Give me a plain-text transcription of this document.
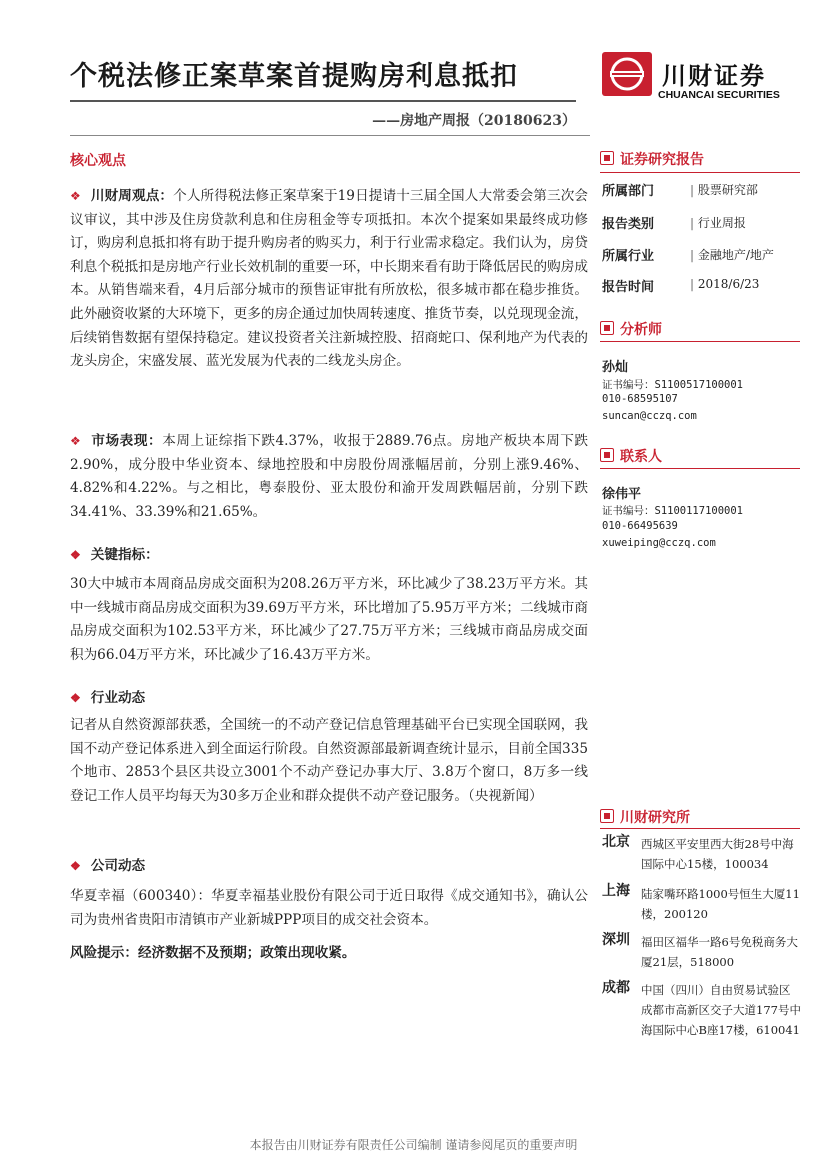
个税法修正案草案首提购房利息抵扣
——房地产周报（20180623）
川财证券
CHUANCAI SECURITIES
核心观点
❖ 川财周观点：个人所得税法修正案草案于19日提请十三届全国人大常委会第三次会议审议，其中涉及住房贷款利息和住房租金等专项抵扣。本次个提案如果最终成功修订，购房利息抵扣将有助于提升购房者的购买力，利于行业需求稳定。我们认为，房贷利息个税抵扣是房地产行业长效机制的重要一环，中长期来看有助于降低居民的购房成本。从销售端来看，4月后部分城市的预售证审批有所放松，很多城市都在稳步推货。此外融资收紧的大环境下，更多的房企通过加快周转速度、推货节奏，以兑现现金流，后续销售数据有望保持稳定。建议投资者关注新城控股、招商蛇口、保利地产为代表的龙头房企，宋盛发展、蓝光发展为代表的二线龙头房企。
❖ 市场表现：本周上证综指下跌4.37%，收报于2889.76点。房地产板块本周下跌2.90%，成分股中华业资本、绿地控股和中房股份周涨幅居前，分别上涨9.46%、4.82%和4.22%。与之相比，粤泰股份、亚太股份和渝开发周跌幅居前，分别下跌34.41%、33.39%和21.65%。
❖ 关键指标：
30大中城市本周商品房成交面积为208.26万平方米，环比减少了38.23万平方米。其中一线城市商品房成交面积为39.69万平方米，环比增加了5.95万平方米；二线城市商品房成交面积为102.53平方米，环比减少了27.75万平方米；三线城市商品房成交面积为66.04万平方米，环比减少了16.43万平方米。
❖ 行业动态
记者从自然资源部获悉，全国统一的不动产登记信息管理基础平台已实现全国联网，我国不动产登记体系进入到全面运行阶段。自然资源部最新调查统计显示，目前全国335个地市、2853个县区共设立3001个不动产登记办事大厅、3.8万个窗口，8万多一线登记工作人员平均每天为30多万企业和群众提供不动产登记服务。（央视新闻）
❖ 公司动态
华夏幸福（600340）：华夏幸福基业股份有限公司于近日取得《成交通知书》，确认公司为贵州省贵阳市清镇市产业新城PPP项目的成交社会资本。
风险提示：经济数据不及预期；政策出现收紧。
证券研究报告
所属部门	| 股票研究部
报告类别	| 行业周报
所属行业	| 金融地产/地产
报告时间	| 2018/6/23
分析师
孙灿
证书编号：S1100517100001
010-68595107
suncan@cczq.com
联系人
徐伟平
证书编号：S1100117100001
010-66495639
xuweiping@cczq.com
川财研究所
北京 西城区平安里西大街28号中海国际中心15楼，100034
上海 陆家嘴环路1000号恒生大厦11楼，200120
深圳 福田区福华一路6号免税商务大厦21层，518000
成都 中国（四川）自由贸易试验区成都市高新区交子大道177号中海国际中心B座17楼，610041
本报告由川财证券有限责任公司编制 谨请参阅尾页的重要声明
